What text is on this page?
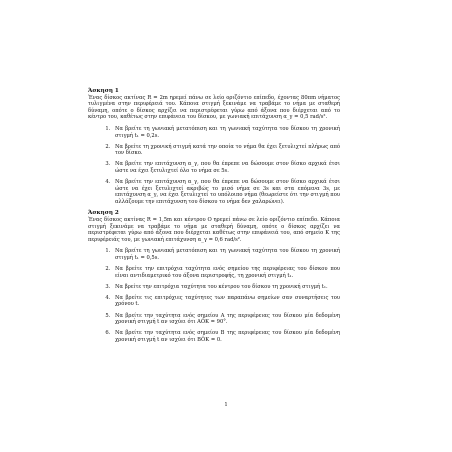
Άσκηση 1

Ένας δίσκος ακτίνας R = 2m ηρεμεί πάνω σε λείο οριζόντιο επίπεδο, έχοντας 80πm νήματος τυλιγμένα στην περιφέρειά του. Κάποια στιγμή ξεκινάμε να τραβάμε το νήμα με σταθερή δύναμη, οπότε ο δίσκος αρχίζει να περιστρέφεται γύρω από άξονα που διέρχεται από το κέντρο του, καθέτως στην επιφάνεια του δίσκου, με γωνιακή επιτάχυνση α_γ = 0,5 rad/s².

1. Να βρείτε τη γωνιακή μετατόπιση και τη γωνιακή ταχύτητα του δίσκου τη χρονική στιγμή t₁ = 0,2s.
2. Να βρείτε τη χρονική στιγμή κατά την οποία το νήμα θα έχει ξετυλιχτεί πλήρως από τον δίσκο.
3. Να βρείτε την επιτάχυνση α_γ, που θα έπρεπε να δώσουμε στον δίσκο αρχικά έτσι ώστε να έχει ξετυλιχτεί όλο το νήμα σε 5s.
4. Να βρείτε την επιτάχυνση α_γ, που θα έπρεπε να δώσουμε στον δίσκο αρχικά έτσι ώστε να έχει ξετυλιχτεί ακριβώς το μισό νήμα σε 3s και στα επόμενα 3s, με επιτάχυνση α_γ, να έχει ξετυλιχτεί το υπόλοιπο νήμα (θεωρείστε ότι την στιγμή που αλλάζουμε την επιτάχυνση του δίσκου το νήμα δεν χαλαρώνει).

Άσκηση 2

Ένας δίσκος ακτίνας R = 1,5m και κέντρου O ηρεμεί πάνω σε λείο οριζόντιο επίπεδο. Κάποια στιγμή ξεκινάμε να τραβάμε το νήμα με σταθερή δύναμη, οπότε ο δίσκος αρχίζει να περιστρέφεται γύρω από άξονα που διέρχεται καθέτως στην επιφάνειά του, από σημείο K της περιφέρειάς του, με γωνιακή επιτάχυνση α_γ = 0,6 rad/s².

1. Να βρείτε τη γωνιακή μετατόπιση και τη γωνιακή ταχύτητα του δίσκου τη χρονική στιγμή t₁ = 0,5s.
2. Να βρείτε την επιτρόχια ταχύτητα ενός σημείου της περιφέρειας του δίσκου που είναι αντιδιαμετρικό του άξονα περιστροφής, τη χρονική στιγμή t₁.
3. Να βρείτε την επιτρόχια ταχύτητα του κέντρου του δίσκου τη χρονική στιγμή t₁.
4. Να βρείτε τις επιτρόχιες ταχύτητες των παραπάνω σημείων σαν συναρτήσεις του χρόνου t.
5. Να βρείτε την ταχύτητα ενός σημείου A της περιφέρειας του δίσκου μία δεδομένη χρονική στιγμή t αν ισχύει ότι AÔK = 90°.
6. Να βρείτε την ταχύτητα ενός σημείου B της περιφέρειας του δίσκου μία δεδομένη χρονική στιγμή t αν ισχύει ότι BÔK = 0.
1
